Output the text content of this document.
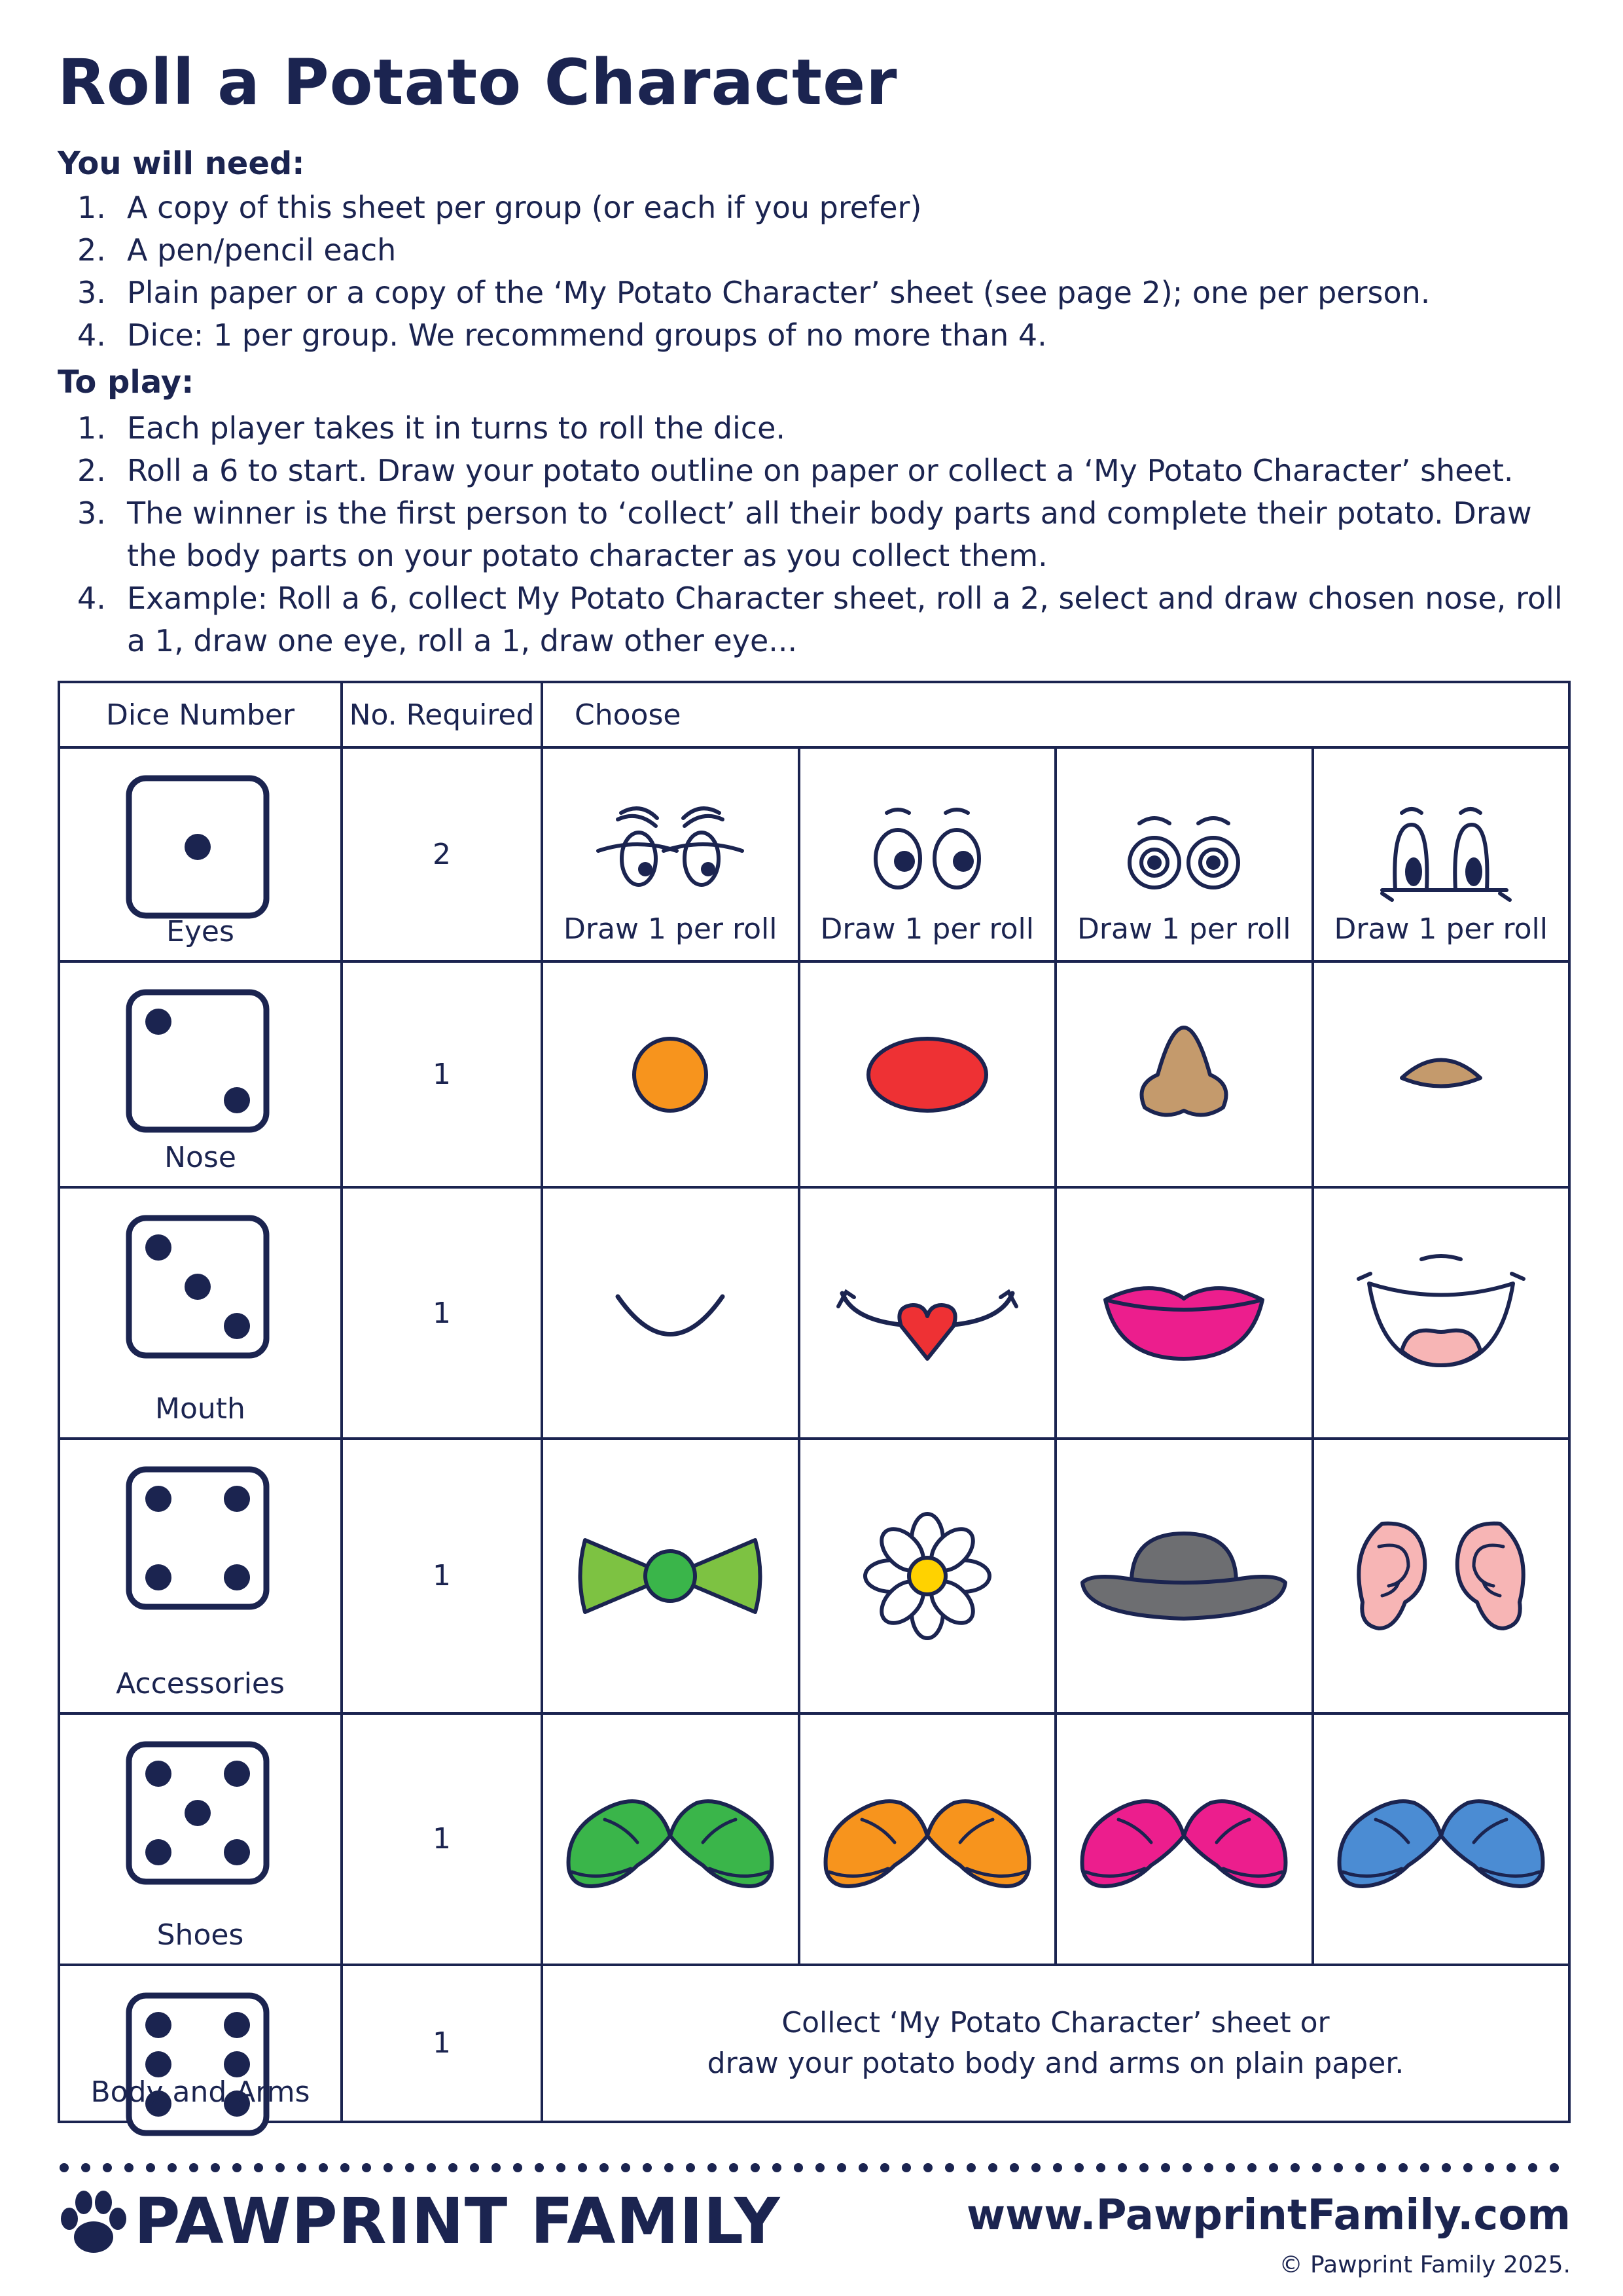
Roll a Potato Character
You will need:
1. A copy of this sheet per group (or each if you prefer)
2. A pen/pencil each
3. Plain paper or a copy of the ‘My Potato Character’ sheet (see page 2); one per person.
4. Dice: 1 per group. We recommend groups of no more than 4.
To play:
1. Each player takes it in turns to roll the dice.
2. Roll a 6 to start. Draw your potato outline on paper or collect a ‘My Potato Character’ sheet.
3. The winner is the first person to ‘collect’ all their body parts and complete their potato. Draw the body parts on your potato character as you collect them.
4. Example: Roll a 6, collect My Potato Character sheet, roll a 2, select and draw chosen nose, roll a 1, draw one eye, roll a 1, draw other eye...
Dice Number	No. Required	Choose			

Eyes	2	Draw 1 per roll	Draw 1 per roll	Draw 1 per roll	Draw 1 per roll

Nose	1	

Mouth	1	

Accessories	1	

Shoes	1	

Body and Arms	1	Collect ‘My Potato Character’ sheet or
draw your potato body and arms on plain paper.			
PAWPRINT FAMILY	www.PawprintFamily.com
© Pawprint Family 2025.
